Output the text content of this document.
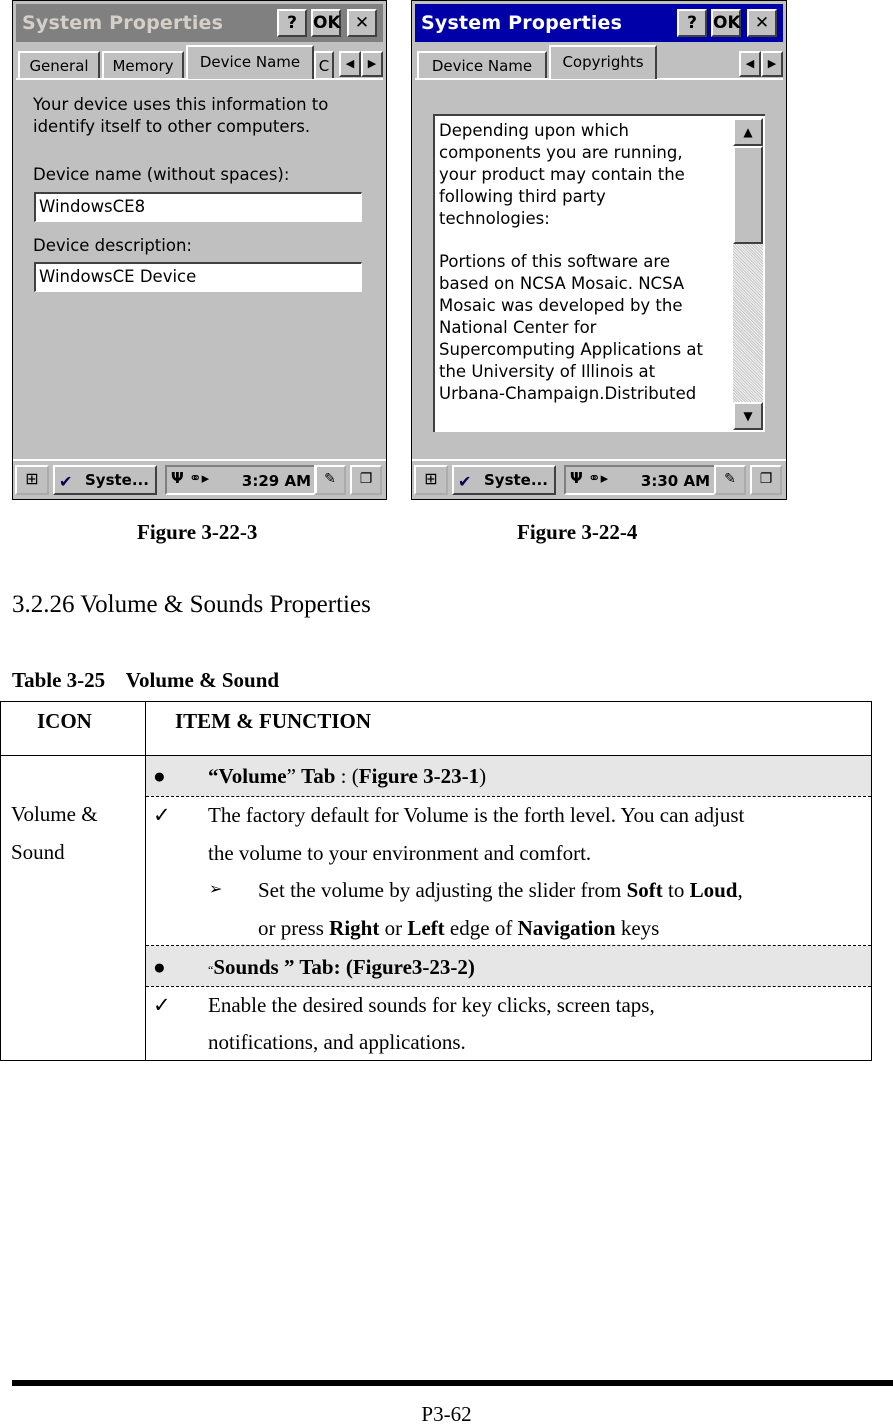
System Properties	? OK ✕
General	Memory	Device Name	C	◀	▶
Your device uses this information to identify itself to other computers.
Device name (without spaces):
WindowsCE8
Device description:
WindowsCE Device
⊞	✔ Syste...	Ψ ⚭▸ 3:29 AM ✎	❐
System Properties	? OK ✕
Device Name	Copyrights	◀	▶
Depending upon which
components you are running,
your product may contain the
following third party
technologies:

Portions of this software are
based on NCSA Mosaic. NCSA
Mosaic was developed by the
National Center for
Supercomputing Applications at
the University of Illinois at
Urbana-Champaign.Distributed
▲
▼
⊞	✔ Syste...	Ψ ⚭▸ 3:30 AM	✎	❐
Figure 3-22-3	Figure 3-22-4
3.2.26 Volume & Sounds Properties
Table 3-25    Volume & Sound
ICON	ITEM & FUNCTION
Volume &
Sound
● “Volume” Tab : (Figure 3-23-1)
✓ The factory default for Volume is the forth level. You can adjust
the volume to your environment and comfort.
➢ Set the volume by adjusting the slider from Soft to Loud,
or press Right or Left edge of Navigation keys
●	“Sounds ” Tab: (Figure3-23-2)
✓ Enable the desired sounds for key clicks, screen taps,
notifications, and applications.
P3-62
